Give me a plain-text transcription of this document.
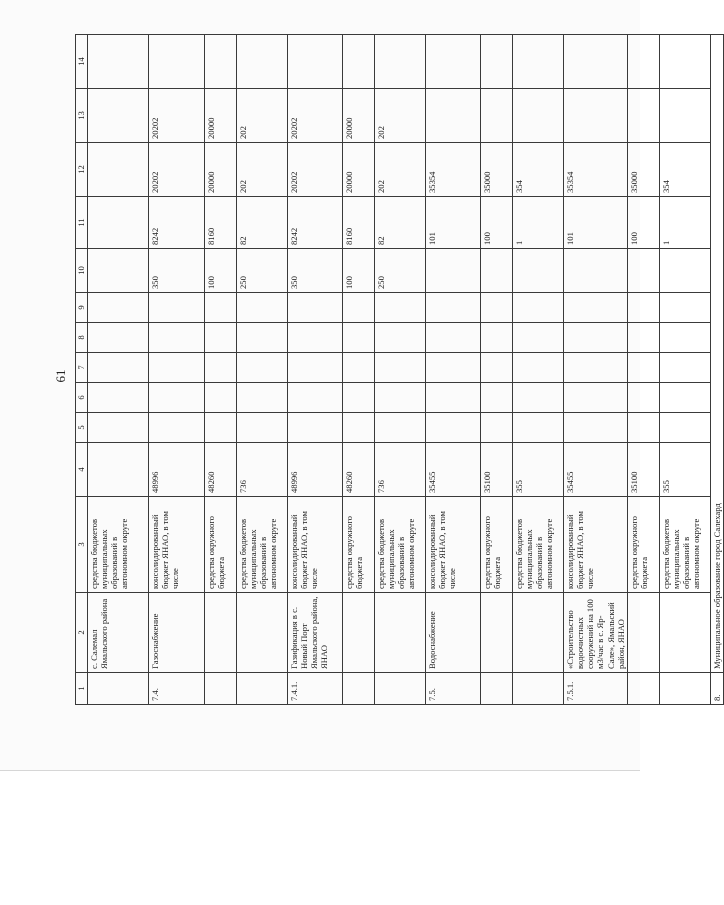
61
1	2	3	4	5	6	7	8	9	10	11	12	13	14
	с. Салемал Ямальского района	средства бюджетов муниципальных образований в автономном округе											
7.4.	Газоснабжение	консолидированный бюджет ЯНАО, в том числе	48996						350	8242	20202	20202	
		средства окружного бюджета	48260						100	8160	20000	20000	
		средства бюджетов муниципальных образований в автономном округе	736						250	82	202	202	
7.4.1.	Газификация в с. Новый Порт Ямальского района, ЯНАО	консолидированный бюджет ЯНАО, в том числе	48996						350	8242	20202	20202	
		средства окружного бюджета	48260						100	8160	20000	20000	
		средства бюджетов муниципальных образований в автономном округе	736						250	82	202	202	
7.5.	Водоснабжение	консолидированный бюджет ЯНАО, в том числе	35455							101	35354		
		средства окружного бюджета	35100							100	35000		
		средства бюджетов муниципальных образований в автономном округе	355							1	354		
7.5.1.	«Строительство водоочистных сооружений на 100 м3/час в с. Яр-Сале», Ямальский район, ЯНАО	консолидированный бюджет ЯНАО, в том числе	35455							101	35354		
		средства окружного бюджета	35100							100	35000		
		средства бюджетов муниципальных образований в автономном округе	355							1	354		
8.	Муниципальное образование город Салехард												
